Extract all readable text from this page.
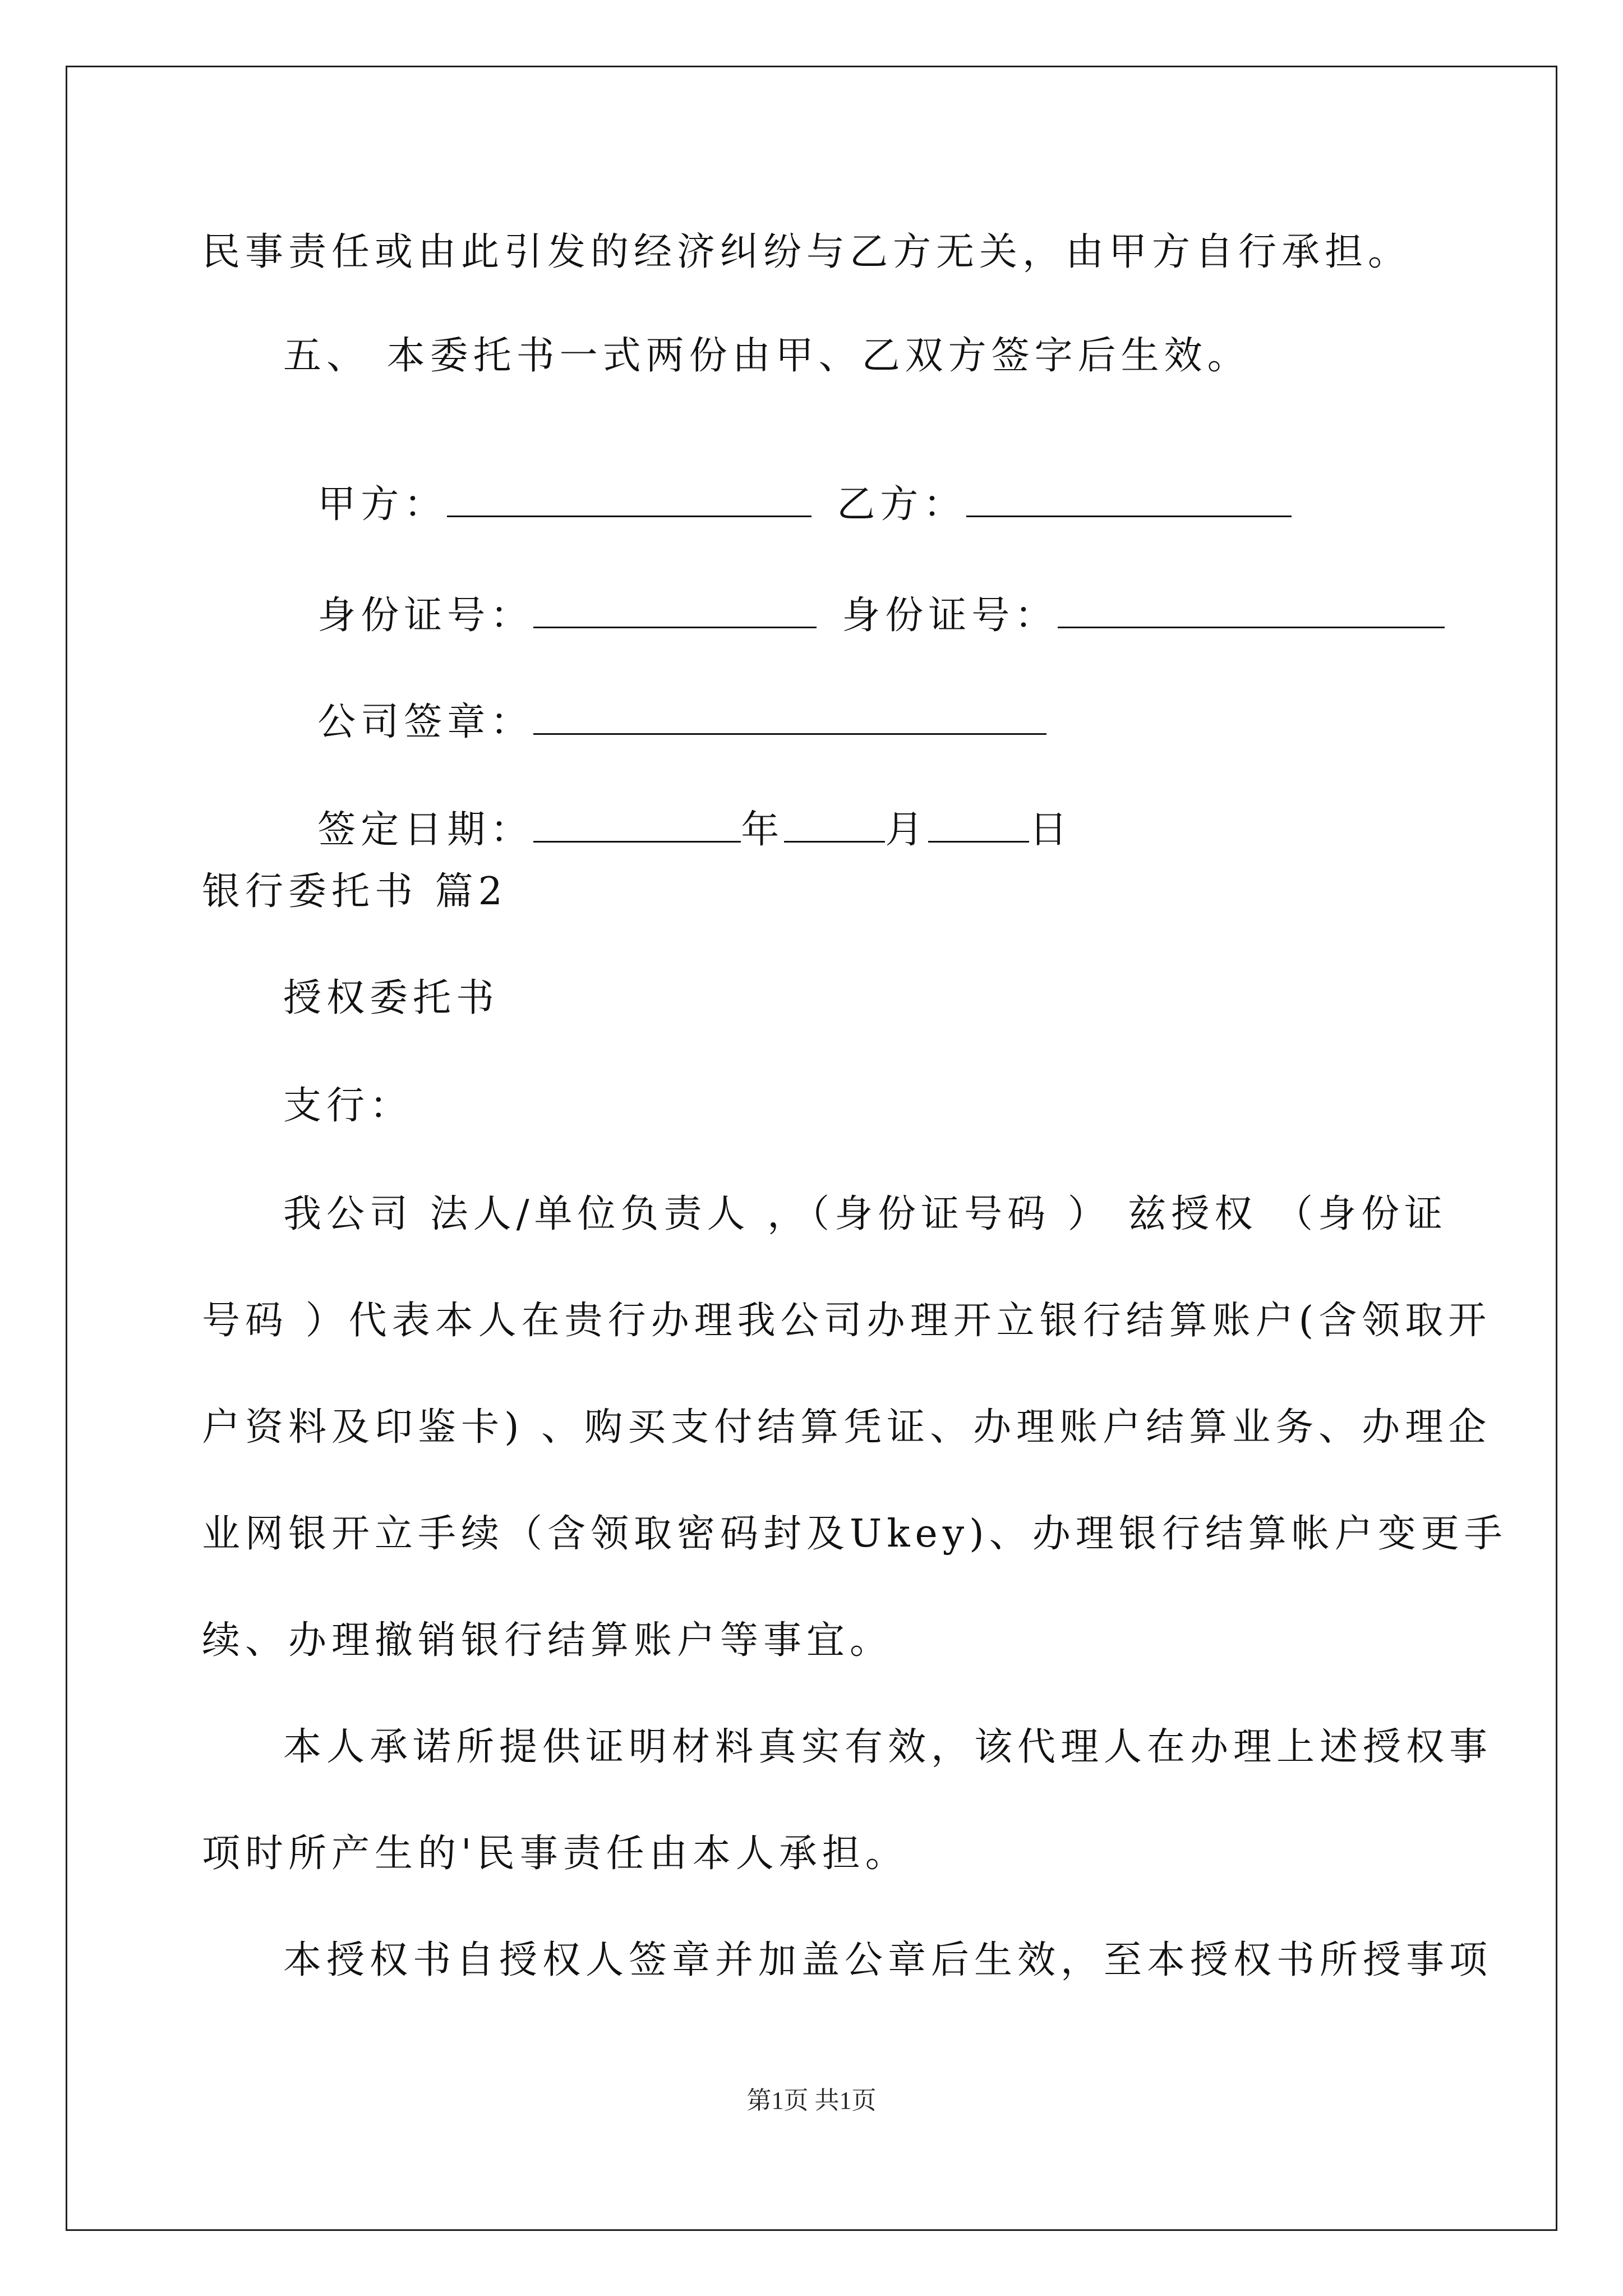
民事责任或由此引发的经济纠纷与乙方无关，由甲方自行承担。
五、 本委托书一式两份由甲、乙双方签字后生效。

甲方：	乙方：

身份证号：	身份证号：

公司签章：

签定日期：	年	月	日

银行委托书 篇2
授权委托书
支行：
我公司 法人/单位负责人 ，（身份证号码 ） 兹授权 （身份证
号码 ）代表本人在贵行办理我公司办理开立银行结算账户(含领取开
户资料及印鉴卡) 、购买支付结算凭证、办理账户结算业务、办理企
业网银开立手续（含领取密码封及Ukey)、办理银行结算帐户变更手
续、办理撤销银行结算账户等事宜。
本人承诺所提供证明材料真实有效，该代理人在办理上述授权事
项时所产生的'民事责任由本人承担。
本授权书自授权人签章并加盖公章后生效，至本授权书所授事项
第1页 共1页
